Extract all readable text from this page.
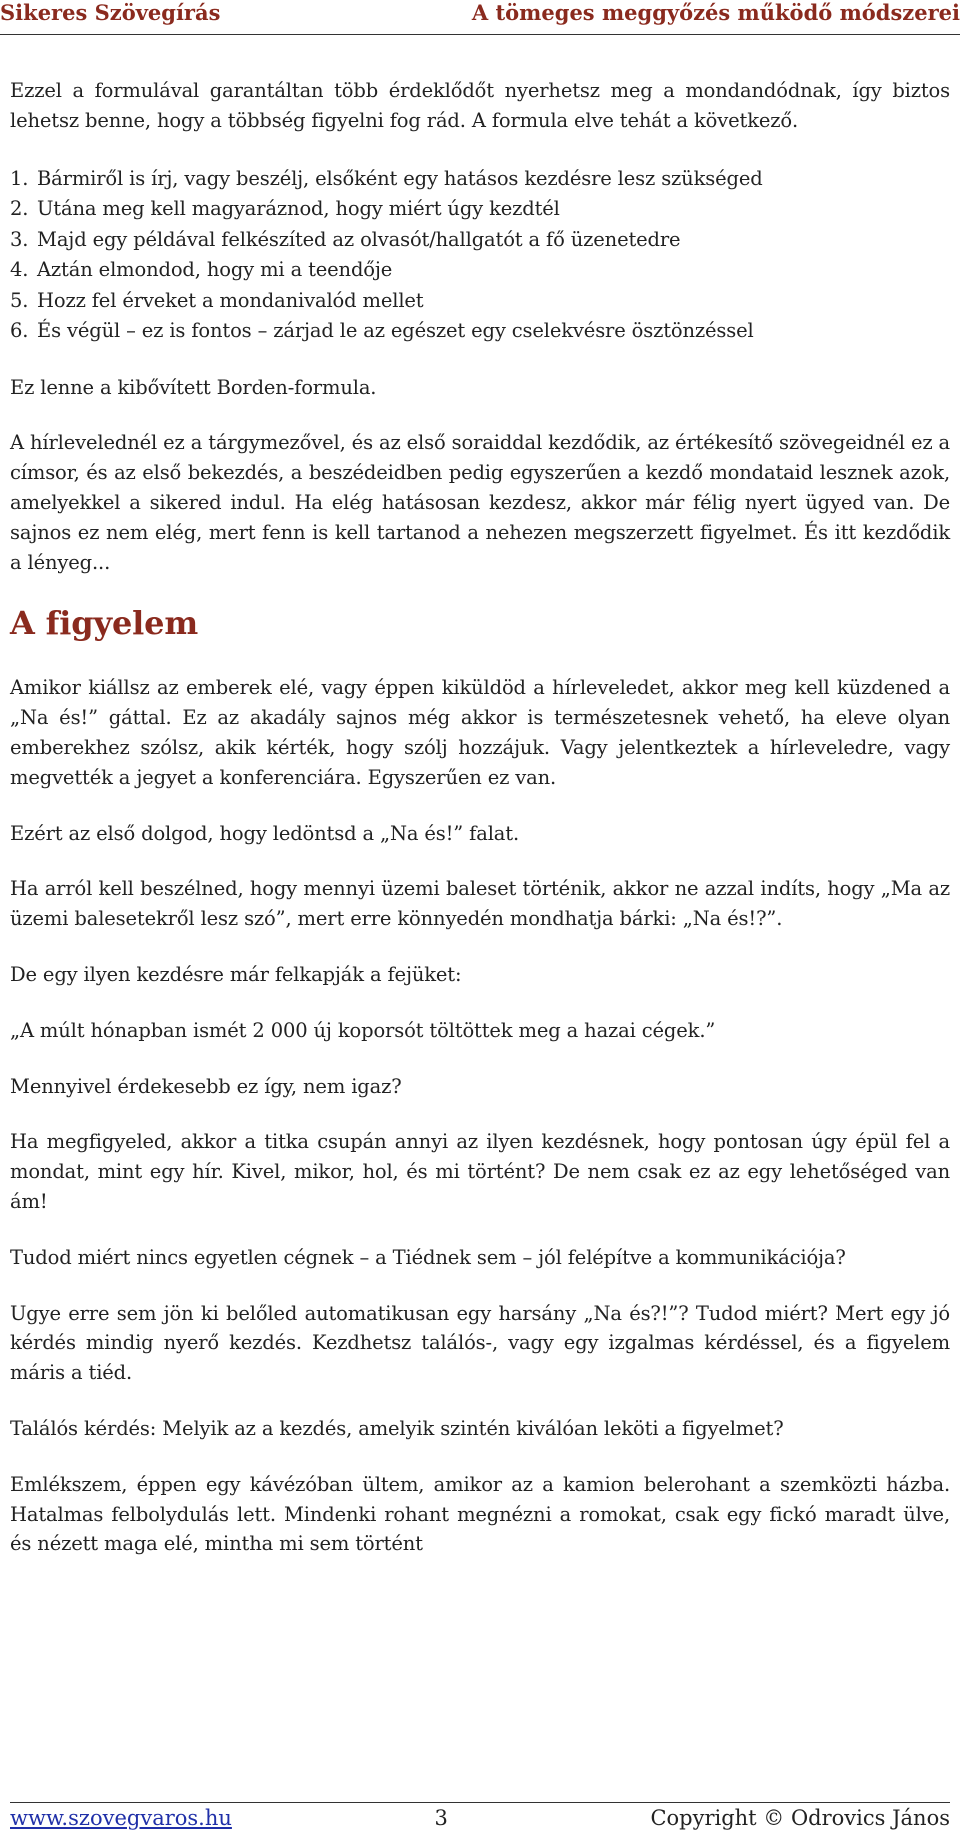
Sikeres Szövegírás	A tömeges meggyőzés működő módszerei

Ezzel a formulával garantáltan több érdeklődőt nyerhetsz meg a mondandódnak, így biztos lehetsz benne, hogy a többség figyelni fog rád. A formula elve tehát a következő.

1. Bármiről is írj, vagy beszélj, elsőként egy hatásos kezdésre lesz szükséged
2. Utána meg kell magyaráznod, hogy miért úgy kezdtél
3. Majd egy példával felkészíted az olvasót/hallgatót a fő üzenetedre
4. Aztán elmondod, hogy mi a teendője
5. Hozz fel érveket a mondanivalód mellet
6. És végül – ez is fontos – zárjad le az egészet egy cselekvésre ösztönzéssel

Ez lenne a kibővített Borden-formula.

A hírlevelednél ez a tárgymezővel, és az első soraiddal kezdődik, az értékesítő szövegeidnél ez a címsor, és az első bekezdés, a beszédeidben pedig egyszerűen a kezdő mondataid lesznek azok, amelyekkel a sikered indul. Ha elég hatásosan kezdesz, akkor már félig nyert ügyed van. De sajnos ez nem elég, mert fenn is kell tartanod a nehezen megszerzett figyelmet. És itt kezdődik a lényeg...

A figyelem

Amikor kiállsz az emberek elé, vagy éppen kiküldöd a hírleveledet, akkor meg kell küzdened a „Na és!” gáttal. Ez az akadály sajnos még akkor is természetesnek vehető, ha eleve olyan emberekhez szólsz, akik kérték, hogy szólj hozzájuk. Vagy jelentkeztek a hírleveledre, vagy megvették a jegyet a konferenciára. Egyszerűen ez van.

Ezért az első dolgod, hogy ledöntsd a „Na és!” falat.

Ha arról kell beszélned, hogy mennyi üzemi baleset történik, akkor ne azzal indíts, hogy „Ma az üzemi balesetekről lesz szó”, mert erre könnyedén mondhatja bárki: „Na és!?”.

De egy ilyen kezdésre már felkapják a fejüket:

„A múlt hónapban ismét 2 000 új koporsót töltöttek meg a hazai cégek.”

Mennyivel érdekesebb ez így, nem igaz?

Ha megfigyeled, akkor a titka csupán annyi az ilyen kezdésnek, hogy pontosan úgy épül fel a mondat, mint egy hír. Kivel, mikor, hol, és mi történt? De nem csak ez az egy lehetőséged van ám!

Tudod miért nincs egyetlen cégnek – a Tiédnek sem – jól felépítve a kommunikációja?

Ugye erre sem jön ki belőled automatikusan egy harsány „Na és?!”? Tudod miért? Mert egy jó kérdés mindig nyerő kezdés. Kezdhetsz találós-, vagy egy izgalmas kérdéssel, és a figyelem máris a tiéd.

Találós kérdés: Melyik az a kezdés, amelyik szintén kiválóan leköti a figyelmet?

Emlékszem, éppen egy kávézóban ültem, amikor az a kamion belerohant a szemközti házba. Hatalmas felbolydulás lett. Mindenki rohant megnézni a romokat, csak egy fickó maradt ülve, és nézett maga elé, mintha mi sem történt

www.szovegvaros.hu	3	Copyright © Odrovics János
